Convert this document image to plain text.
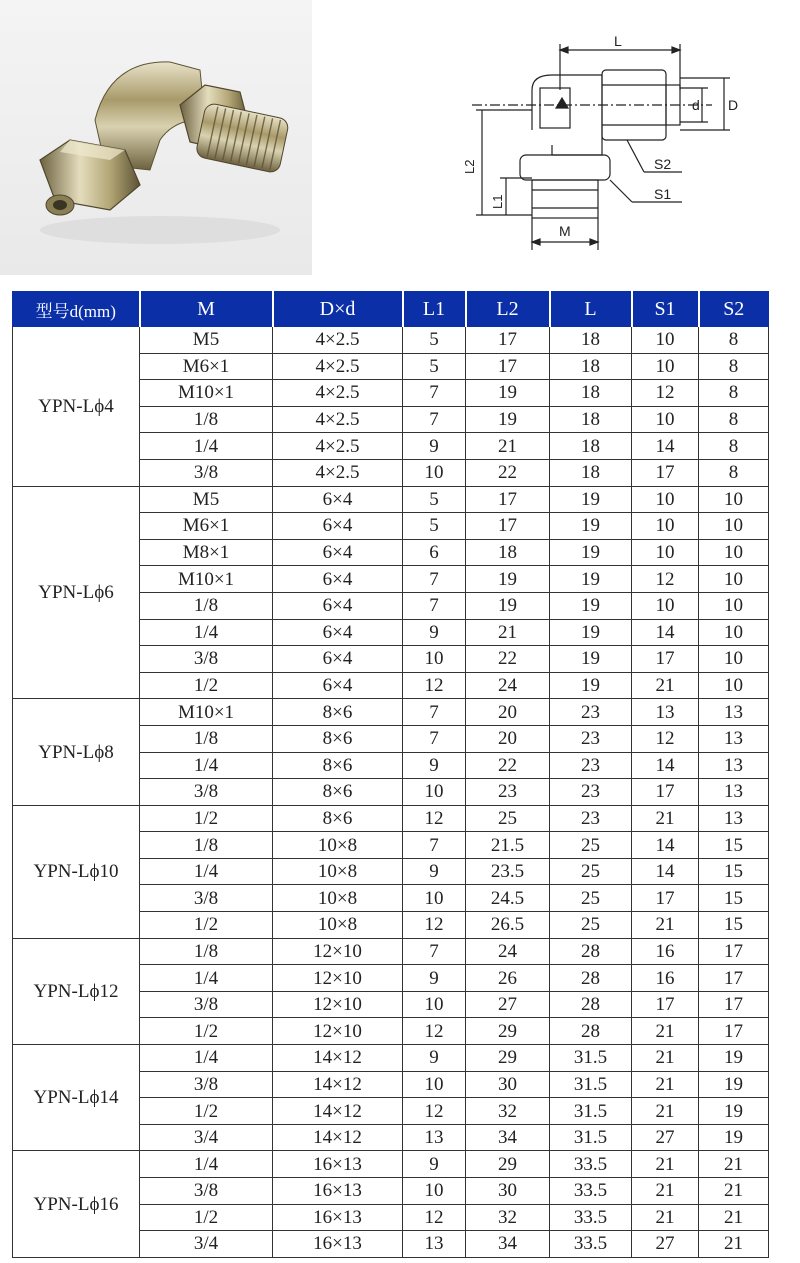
L
d D
L2
L1
S2
S1
M
型号d(mm)	M	D×d	L1	L2	L	S1	S2
YPN-Lϕ4	M5	4×2.5	5	17	18	10	8
	M6×1	4×2.5	5	17	18	10	8
	M10×1	4×2.5	7	19	18	12	8
	1/8	4×2.5	7	19	18	10	8
	1/4	4×2.5	9	21	18	14	8
	3/8	4×2.5	10	22	18	17	8
YPN-Lϕ6	M5	6×4	5	17	19	10	10
	M6×1	6×4	5	17	19	10	10
	M8×1	6×4	6	18	19	10	10
	M10×1	6×4	7	19	19	12	10
	1/8	6×4	7	19	19	10	10
	1/4	6×4	9	21	19	14	10
	3/8	6×4	10	22	19	17	10
	1/2	6×4	12	24	19	21	10
YPN-Lϕ8	M10×1	8×6	7	20	23	13	13
	1/8	8×6	7	20	23	12	13
	1/4	8×6	9	22	23	14	13
	3/8	8×6	10	23	23	17	13
YPN-Lϕ10	1/2	8×6	12	25	23	21	13
	1/8	10×8	7	21.5	25	14	15
	1/4	10×8	9	23.5	25	14	15
	3/8	10×8	10	24.5	25	17	15
	1/2	10×8	12	26.5	25	21	15
YPN-Lϕ12	1/8	12×10	7	24	28	16	17
	1/4	12×10	9	26	28	16	17
	3/8	12×10	10	27	28	17	17
	1/2	12×10	12	29	28	21	17
YPN-Lϕ14	1/4	14×12	9	29	31.5	21	19
	3/8	14×12	10	30	31.5	21	19
	1/2	14×12	12	32	31.5	21	19
	3/4	14×12	13	34	31.5	27	19
YPN-Lϕ16	1/4	16×13	9	29	33.5	21	21
	3/8	16×13	10	30	33.5	21	21
	1/2	16×13	12	32	33.5	21	21
	3/4	16×13	13	34	33.5	27	21
